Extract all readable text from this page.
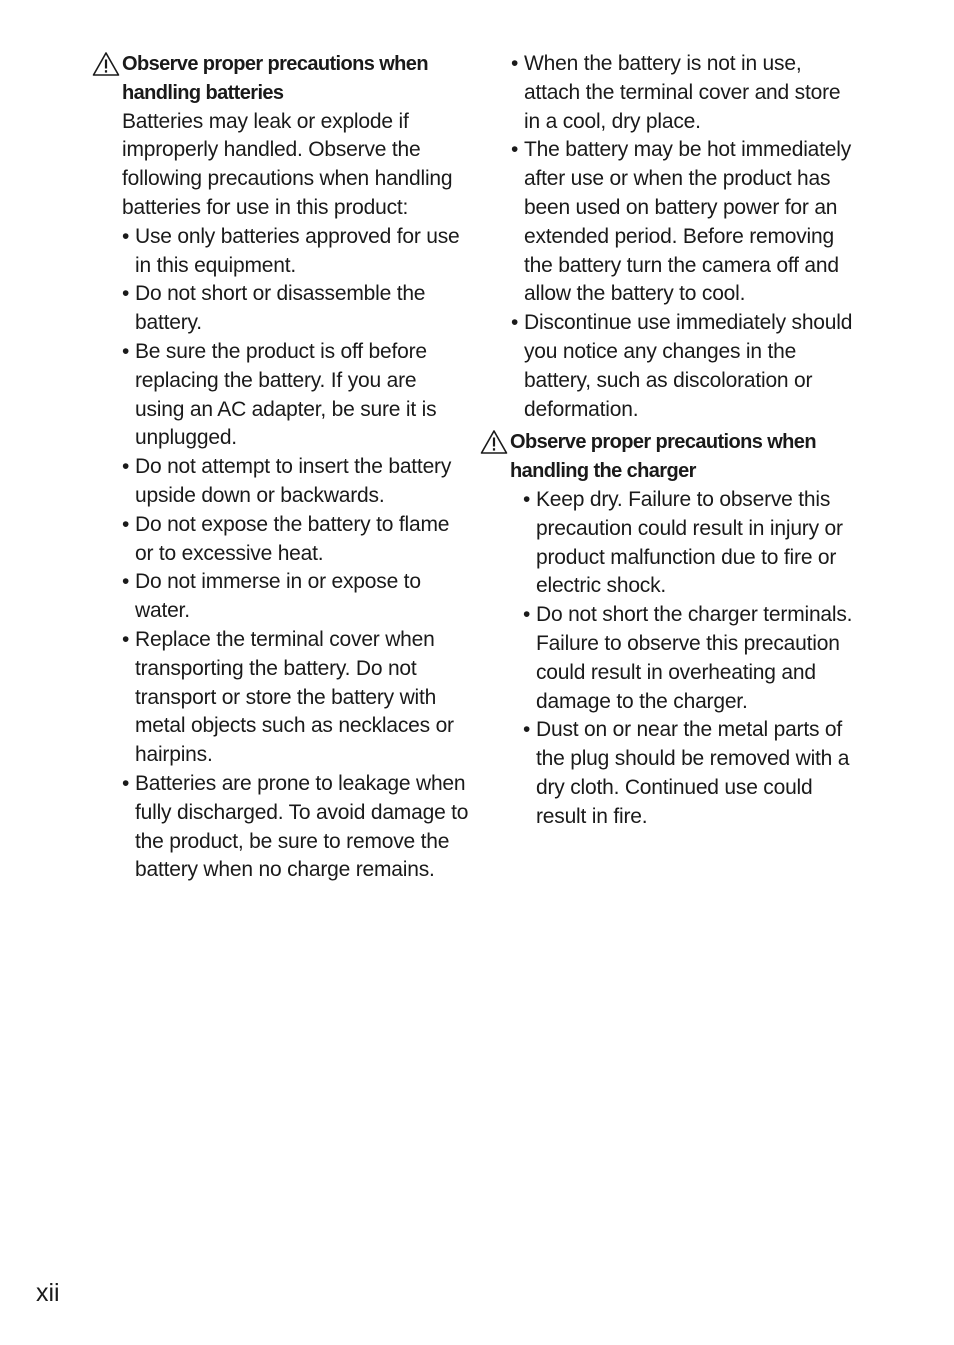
Observe proper precautions when
handling batteries
Batteries may leak or explode if improperly handled. Observe the following precautions when handling batteries for use in this product:
• Use only batteries approved for use in this equipment.
• Do not short or disassemble the battery.
• Be sure the product is off before replacing the battery. If you are using an AC adapter, be sure it is unplugged.
• Do not attempt to insert the battery upside down or backwards.
• Do not expose the battery to flame or to excessive heat.
• Do not immerse in or expose to water.
• Replace the terminal cover when transporting the battery. Do not transport or store the battery with metal objects such as necklaces or hairpins.
• Batteries are prone to leakage when fully discharged. To avoid damage to the product, be sure to remove the battery when no charge remains.
• When the battery is not in use, attach the terminal cover and store in a cool, dry place.
• The battery may be hot immediately after use or when the product has been used on battery power for an extended period. Before removing the battery turn the camera off and allow the battery to cool.
• Discontinue use immediately should you notice any changes in the battery, such as discoloration or deformation.
Observe proper precautions when
handling the charger
• Keep dry. Failure to observe this precaution could result in injury or product malfunction due to fire or electric shock.
• Do not short the charger terminals. Failure to observe this precaution could result in overheating and damage to the charger.
• Dust on or near the metal parts of the plug should be removed with a dry cloth. Continued use could result in fire.
xii
